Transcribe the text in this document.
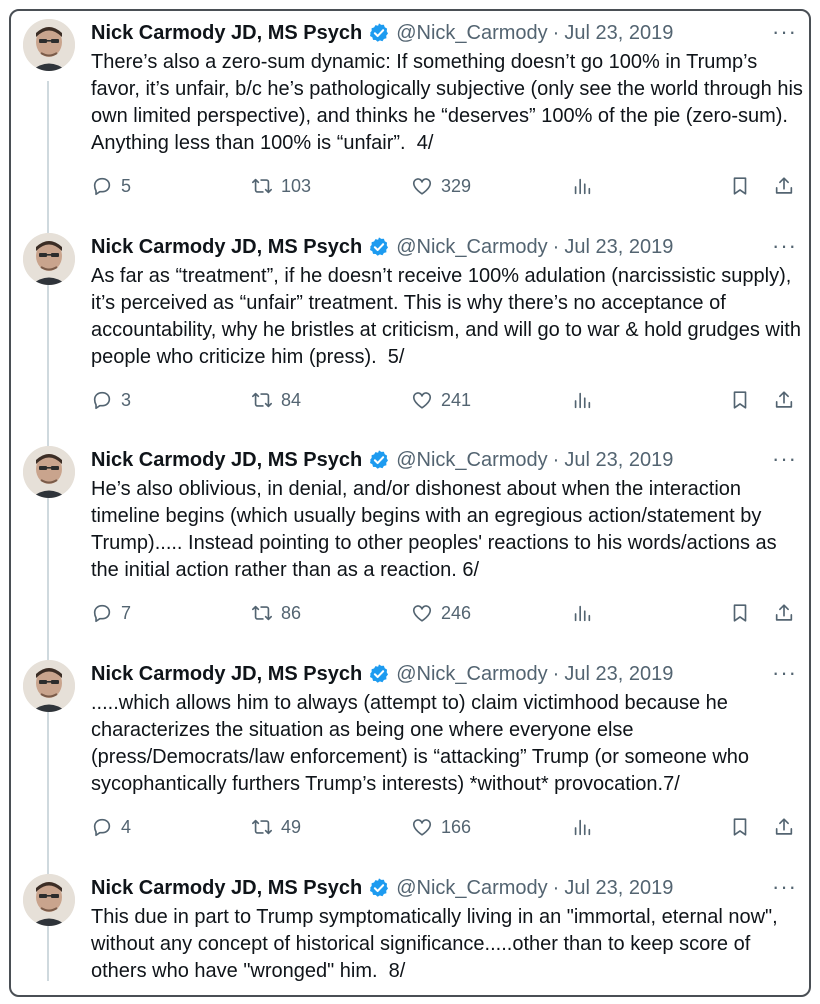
Nick Carmody JD, MS Psych @Nick_Carmody · Jul 23, 2019	···
There’s also a zero-sum dynamic: If something doesn’t go 100% in Trump’s favor, it’s unfair, b/c he’s pathologically subjective (only see the world through his own limited perspective), and thinks he “deserves” 100% of the pie (zero-sum). Anything less than 100% is “unfair”.  4/
5	103	329
Nick Carmody JD, MS Psych @Nick_Carmody · Jul 23, 2019	···
As far as “treatment”, if he doesn’t receive 100% adulation (narcissistic supply), it’s perceived as “unfair” treatment. This is why there’s no acceptance of accountability, why he bristles at criticism, and will go to war & hold grudges with people who criticize him (press).  5/
3	84	241
Nick Carmody JD, MS Psych @Nick_Carmody · Jul 23, 2019	···
He’s also oblivious, in denial, and/or dishonest about when the interaction timeline begins (which usually begins with an egregious action/statement by Trump)..... Instead pointing to other peoples' reactions to his words/actions as the initial action rather than as a reaction. 6/
7	86	246
Nick Carmody JD, MS Psych @Nick_Carmody · Jul 23, 2019	···
.....which allows him to always (attempt to) claim victimhood because he characterizes the situation as being one where everyone else (press/Democrats/law enforcement) is “attacking” Trump (or someone who sycophantically furthers Trump’s interests) *without* provocation.7/
4	49	166
Nick Carmody JD, MS Psych @Nick_Carmody · Jul 23, 2019	···
This due in part to Trump symptomatically living in an "immortal, eternal now", without any concept of historical significance.....other than to keep score of others who have "wronged" him.  8/
